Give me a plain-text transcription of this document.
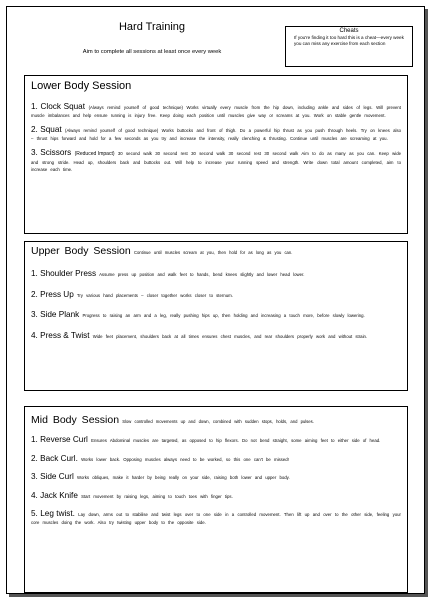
Hard Training
Aim to complete all sessions at least once every week
Cheats
If you're finding it too hard this is a cheat—every week you can miss any exercise from each section
Lower Body Session
1. Clock Squat (Always remind yourself of good technique) Works virtually every muscle from the hip down, including ankle and sides of legs. Will prevent muscle imbalances and help ensure running is injury free. Keep doing each position until muscles give way or screams at you. Work on stable gentle movement.
2. Squat (Always remind yourself of good technique) Works buttocks and front of thigh. Do a powerful hip thrust as you push through heels. Try on knees also – thrust hips forward and hold for a few seconds as you try and increase the intensity, really clenching & thrusting. Continue until muscles are screaming at you.
3. Scissors (Reduced Impact) 30 second walk 30 second rest 30 second walk 30 second rest 30 second walk Aim to do as many as you can. Keep wide and strong stride. Head up, shoulders back and buttocks out. Will help to increase your running speed and strength. Write down total amount completed, aim to increase each time.
Upper Body Session Continue until muscles scream at you, then hold for as long as you can.
1. Shoulder Press Assume press up position and walk feet to hands, bend knees slightly and lower head lower.
2. Press Up Try various hand placements – closer together works closer to sternum.
3. Side Plank Progress to raising an arm and a leg, really pushing hips up, then holding and increasing a touch more, before slowly lowering.
4. Press & Twist Wide feet placement, shoulders back at all times ensures chest muscles, and rear shoulders properly work and without strain.
Mid Body Session Slow controlled movements up and down, combined with sudden stops, holds, and pulses.
1. Reverse Curl Ensures Abdominal muscles are targeted, as opposed to hip flexors. Do not bend straight, some aiming feet to either side of head.
2. Back Curl. Works lower back. Opposing muscles always need to be worked, so this one can't be missed!
3. Side Curl Works obliques, make it harder by being really on your side, raising both lower and upper body.
4. Jack Knife Start movement by raising legs, aiming to touch toes with finger tips.
5. Leg twist. Lay down, arms out to stabilise and twist legs over to one side in a controlled movement. Then lift up and over to the other side, feeling your core muscles doing the work. Also try twisting upper body to the opposite side.
